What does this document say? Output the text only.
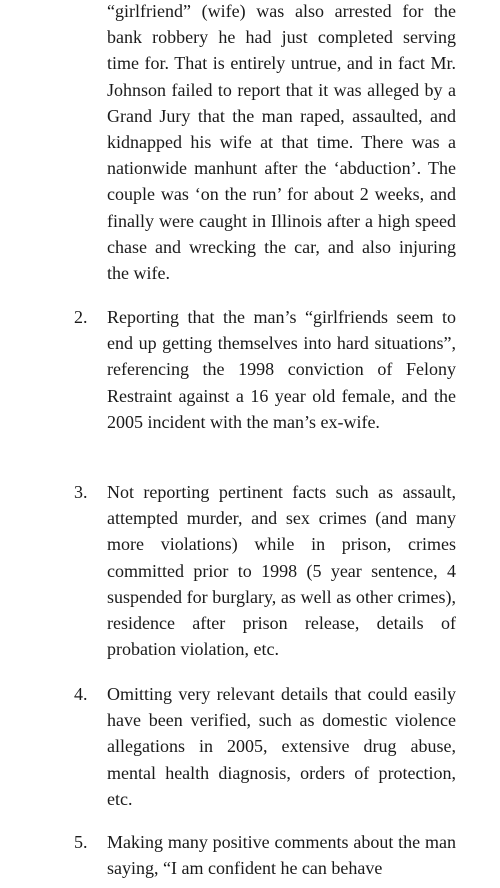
“girlfriend” (wife) was also arrested for the bank robbery he had just completed serving time for. That is entirely untrue, and in fact Mr. Johnson failed to report that it was alleged by a Grand Jury that the man raped, assaulted, and kidnapped his wife at that time. There was a nationwide manhunt after the ‘abduction’. The couple was ‘on the run’ for about 2 weeks, and finally were caught in Illinois after a high speed chase and wrecking the car, and also injuring the wife.

2. Reporting that the man’s “girlfriends seem to end up getting themselves into hard situations”, referencing the 1998 conviction of Felony Restraint against a 16 year old female, and the 2005 incident with the man’s ex-wife.

3. Not reporting pertinent facts such as assault, attempted murder, and sex crimes (and many more violations) while in prison, crimes committed prior to 1998 (5 year sentence, 4 suspended for burglary, as well as other crimes), residence after prison release, details of probation violation, etc.

4. Omitting very relevant details that could easily have been verified, such as domestic violence allegations in 2005, extensive drug abuse, mental health diagnosis, orders of protection, etc.

5. Making many positive comments about the man saying, “I am confident he can behave
